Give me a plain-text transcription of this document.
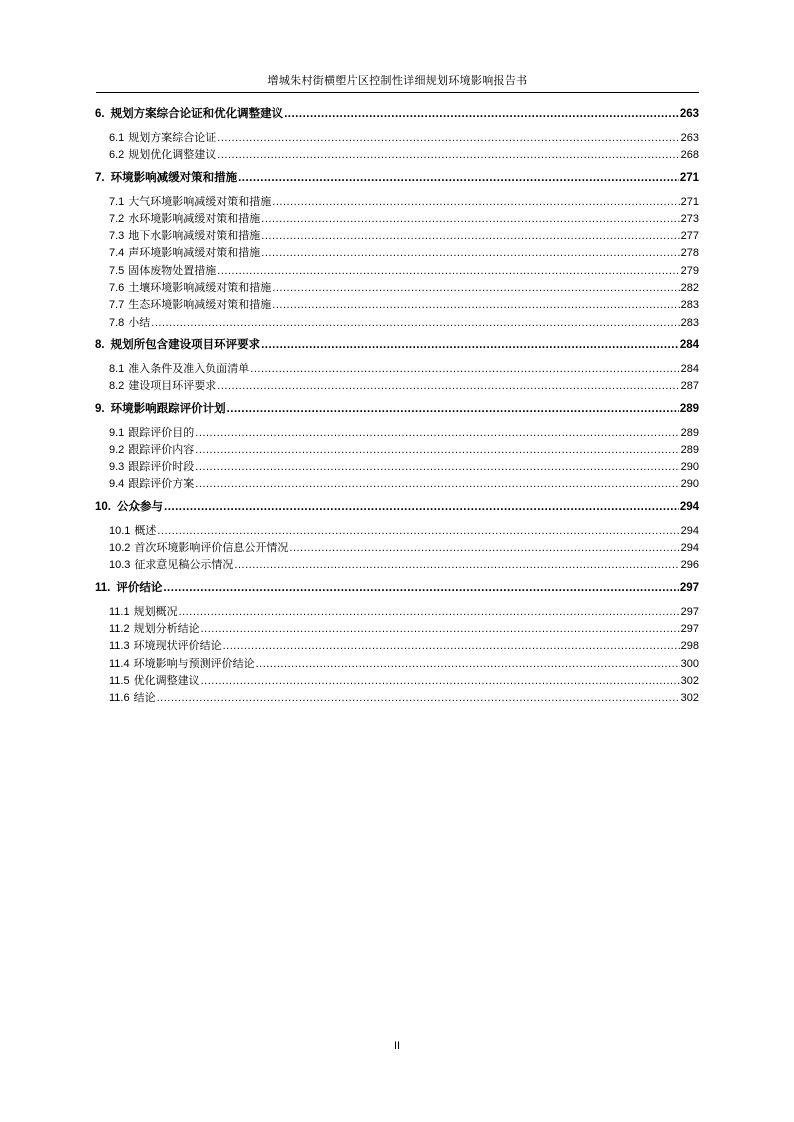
增城朱村街横塱片区控制性详细规划环境影响报告书
6. 规划方案综合论证和优化调整建议 .....	263
6.1 规划方案综合论证 .....	263
6.2 规划优化调整建议 .....	268
7. 环境影响减缓对策和措施 .....	271
7.1 大气环境影响减缓对策和措施 .....	271
7.2 水环境影响减缓对策和措施 .....	273
7.3 地下水影响减缓对策和措施 .....	277
7.4 声环境影响减缓对策和措施 .....	278
7.5 固体废物处置措施 .....	279
7.6 土壤环境影响减缓对策和措施 .....	282
7.7 生态环境影响减缓对策和措施 .....	283
7.8 小结 .....	283
8. 规划所包含建设项目环评要求 .....	284
8.1 准入条件及准入负面清单 .....	284
8.2 建设项目环评要求 .....	287
9. 环境影响跟踪评价计划 .....	289
9.1 跟踪评价目的 .....	289
9.2 跟踪评价内容 .....	289
9.3 跟踪评价时段 .....	290
9.4 跟踪评价方案 .....	290
10. 公众参与 .....	294
10.1 概述 .....	294
10.2 首次环境影响评价信息公开情况 .....	294
10.3 征求意见稿公示情况 .....	296
11. 评价结论 .....	297
11.1 规划概况 .....	297
11.2 规划分析结论 .....	297
11.3 环境现状评价结论 .....	298
11.4 环境影响与预测评价结论 .....	300
11.5 优化调整建议 .....	302
11.6 结论 .....	302
II
